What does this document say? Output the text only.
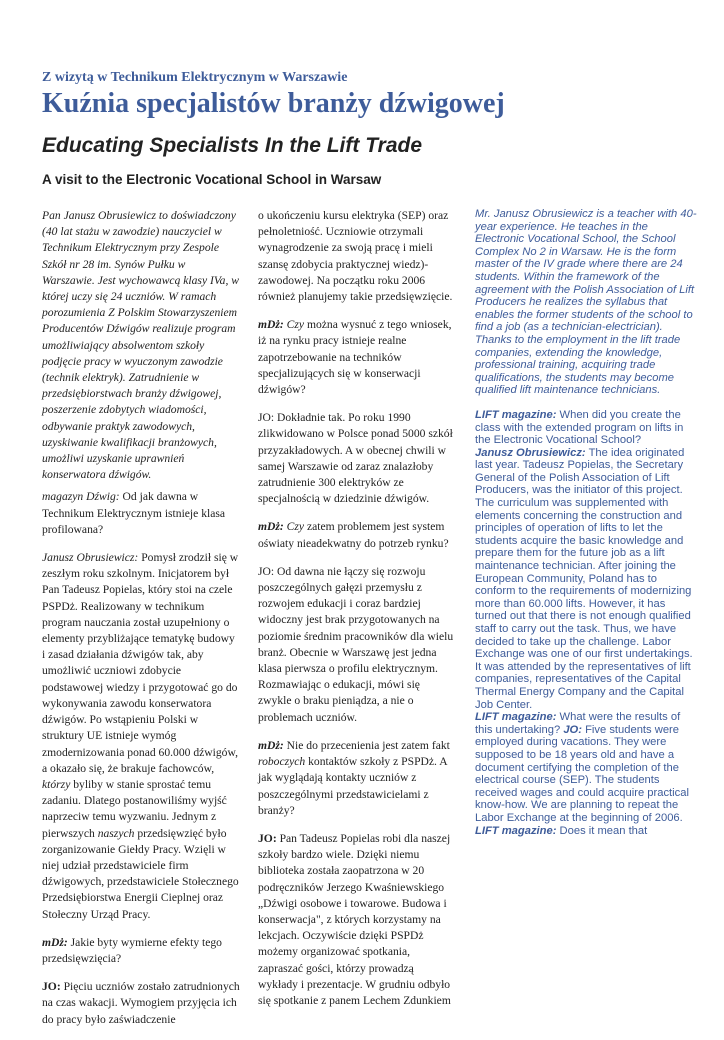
Z wizytą w Technikum Elektrycznym w Warszawie
Kuźnia specjalistów branży dźwigowej
Educating Specialists In the Lift Trade
A visit to the Electronic Vocational School in Warsaw

Pan Janusz Obrusiewicz to doświadczony (40 lat stażu w zawodzie) nauczyciel w Technikum Elektrycznym przy Zespole Szkół nr 28 im. Synów Pułku w Warszawie. Jest wychowawcą klasy IVa, w której uczy się 24 uczniów. W ramach porozumienia Z Polskim Stowarzyszeniem Producentów Dźwigów realizuje program umożliwiający absolwentom szkoły podjęcie pracy w wyuczonym zawodzie (technik elektryk). Zatrudnienie w przedsiębiorstwach branży dźwigowej, poszerzenie zdobytych wiadomości, odbywanie praktyk zawodowych, uzyskiwanie kwalifikacji branżowych, umożliwi uzyskanie uprawnień konserwatora dźwigów.

magazyn Dźwig: Od jak dawna w Technikum Elektrycznym istnieje klasa profilowana?

Janusz Obrusiewicz: Pomysł zrodził się w zeszłym roku szkolnym. Inicjatorem był Pan Tadeusz Popielas, który stoi na czele PSPDż. Realizowany w technikum program nauczania został uzupełniony o elementy przybliżające tematykę budowy i zasad działania dźwigów tak, aby umożliwić uczniowi zdobycie podstawowej wiedzy i przygotować go do wykonywania zawodu konserwatora dźwigów. Po wstąpieniu Polski w struktury UE istnieje wymóg zmodernizowania ponad 60.000 dźwigów, a okazało się, że brakuje fachowców, którzy byliby w stanie sprostać temu zadaniu. Dlatego postanowiliśmy wyjść naprzeciw temu wyzwaniu. Jednym z pierwszych naszych przedsięwzięć było zorganizowanie Giełdy Pracy. Wzięli w niej udział przedstawiciele firm dźwigowych, przedstawiciele Stołecznego Przedsiębiorstwa Energii Cieplnej oraz Stołeczny Urząd Pracy.

mDż: Jakie byty wymierne efekty tego przedsięwzięcia?

JO: Pięciu uczniów zostało zatrudnionych na czas wakacji. Wymogiem przyjęcia ich do pracy było zaświadczenie

o ukończeniu kursu elektryka (SEP) oraz pełnoletniość. Uczniowie otrzymali wynagrodzenie za swoją pracę i mieli szansę zdobycia praktycznej wiedz)- zawodowej. Na początku roku 2006 również planujemy takie przedsięwzięcie.

mDż: Czy można wysnuć z tego wniosek, iż na rynku pracy istnieje realne zapotrzebowanie na techników specjalizujących się w konserwacji dźwigów?

JO: Dokładnie tak. Po roku 1990 zlikwidowano w Polsce ponad 5000 szkół przyzakładowych. A w obecnej chwili w samej Warszawie od zaraz znalazłoby zatrudnienie 300 elektryków ze specjalnością w dziedzinie dźwigów.

mDż: Czy zatem problemem jest system oświaty nieadekwatny do potrzeb rynku?

JO: Od dawna nie łączy się rozwoju poszczególnych gałęzi przemysłu z rozwojem edukacji i coraz bardziej widoczny jest brak przygotowanych na poziomie średnim pracowników dla wielu branż. Obecnie w Warszawę jest jedna klasa pierwsza o profilu elektrycznym. Rozmawiając o edukacji, mówi się zwykle o braku pieniądza, a nie o problemach uczniów.

mDż: Nie do przecenienia jest zatem fakt roboczych kontaktów szkoły z PSPDż. A jak wyglądają kontakty uczniów z poszczególnymi przedstawicielami z branży?

JO: Pan Tadeusz Popielas robi dla naszej szkoły bardzo wiele. Dzięki niemu biblioteka została zaopatrzona w 20 podręczników Jerzego Kwaśniewskiego „Dźwigi osobowe i towarowe. Budowa i konserwacja", z których korzystamy na lekcjach. Oczywiście dzięki PSPDż możemy organizować spotkania, zapraszać gości, którzy prowadzą wykłady i prezentacje. W grudniu odbyło się spotkanie z panem Lechem Zdunkiem

Mr. Janusz Obrusiewicz is a teacher with 40-year experience. He teaches in the Electronic Vocational School, the School Complex No 2 in Warsaw. He is the form master of the IV grade where there are 24 students. Within the framework of the agreement with the Polish Association of Lift Producers he realizes the syllabus that enables the former students of the school to find a job (as a technician-electrician). Thanks to the employment in the lift trade companies, extending the knowledge, professional training, acquiring trade qualifications, the students may become qualified lift maintenance technicians.

LIFT magazine: When did you create the class with the extended program on lifts in the Electronic Vocational School?

Janusz Obrusiewicz: The idea originated last year. Tadeusz Popielas, the Secretary General of the Polish Association of Lift Producers, was the initiator of this project. The curriculum was supplemented with elements concerning the construction and principles of operation of lifts to let the students acquire the basic knowledge and prepare them for the future job as a lift maintenance technician. After joining the European Community, Poland has to conform to the requirements of modernizing more than 60.000 lifts. However, it has turned out that there is not enough qualified staff to carry out the task. Thus, we have decided to take up the challenge. Labor Exchange was one of our first undertakings. It was attended by the representatives of lift companies, representatives of the Capital Thermal Energy Company and the Capital Job Center.

LIFT magazine: What were the results of this undertaking? JO: Five students were employed during vacations. They were supposed to be 18 years old and have a document certifying the completion of the electrical course (SEP). The students received wages and could acquire practical know-how. We are planning to repeat the Labor Exchange at the beginning of 2006. LIFT magazine: Does it mean that
